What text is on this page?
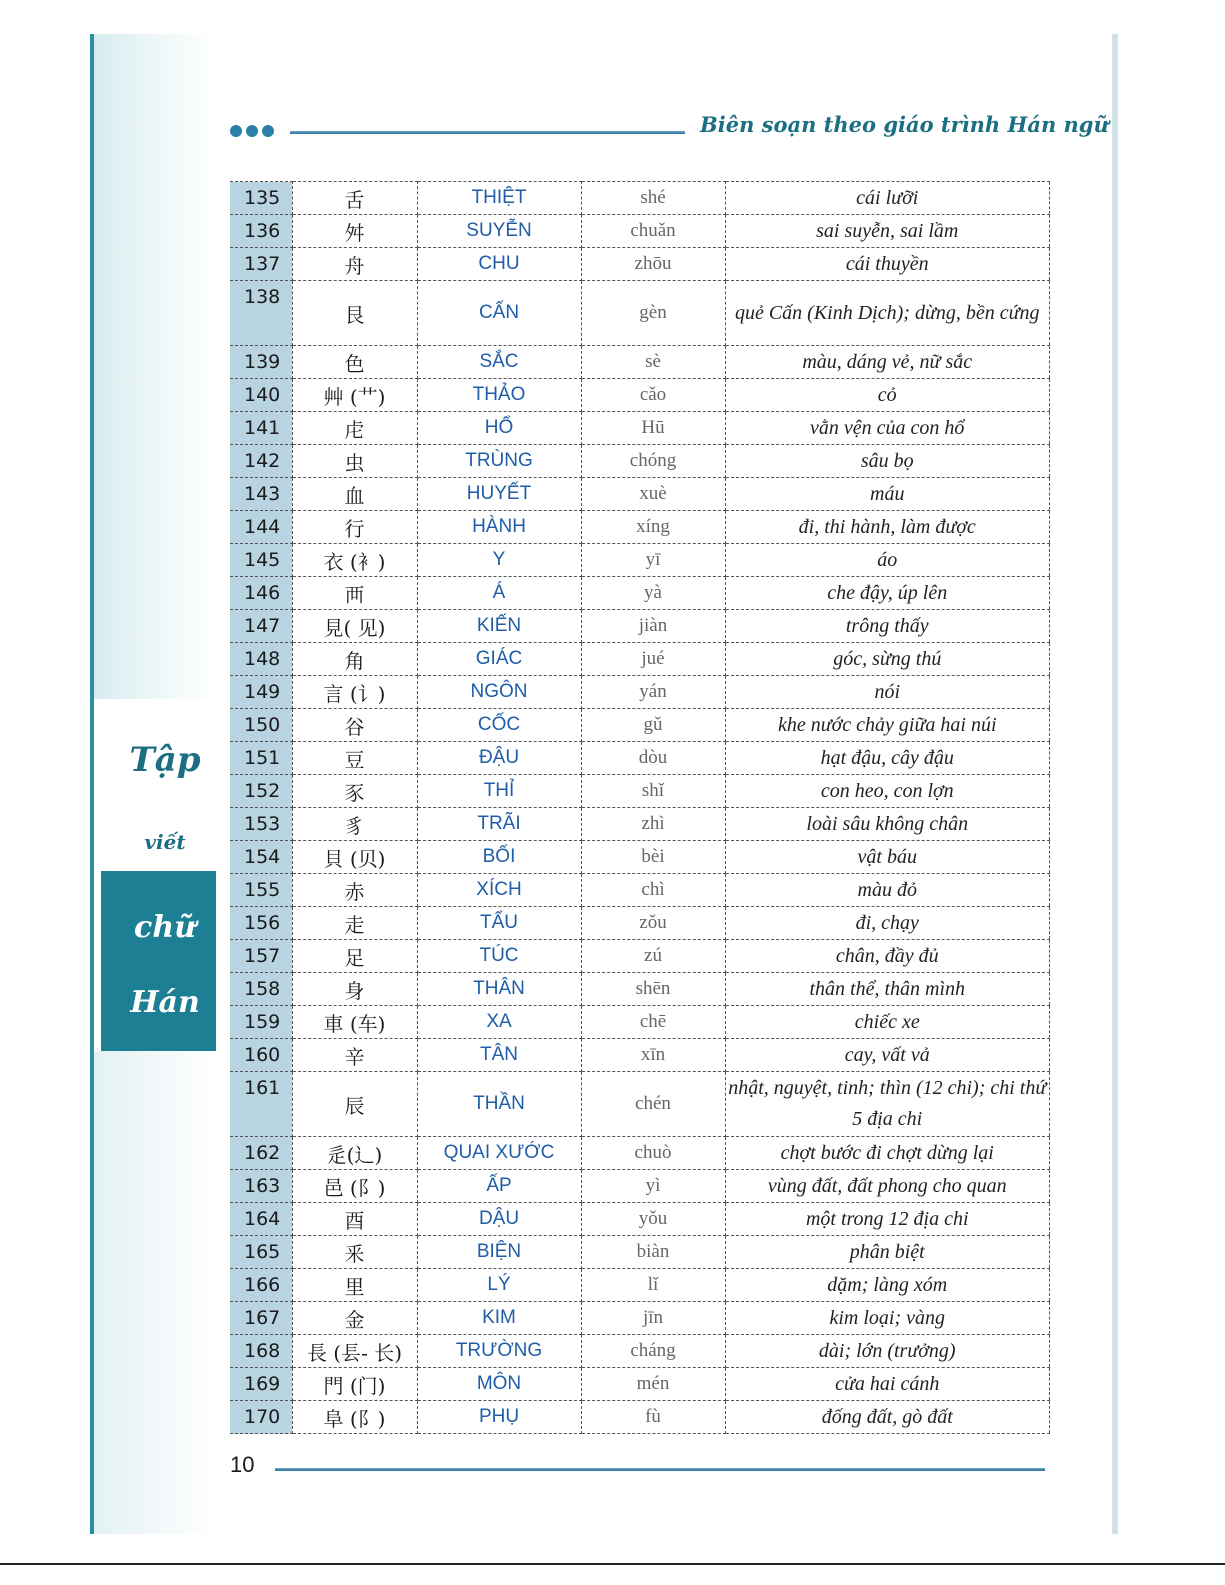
Tập
viết
chữ
Hán
Biên soạn theo giáo trình Hán ngữ
135	舌	THIỆT	shé	cái lưỡi
136	舛	SUYỄN	chuǎn	sai suyễn, sai lầm
137	舟	CHU	zhōu	cái thuyền
138	艮	CẤN	gèn	quẻ Cấn (Kinh Dịch); dừng, bền cứng
139	色	SẮC	sè	màu, dáng vẻ, nữ sắc
140	艸 (艹)	THẢO	cǎo	cỏ
141	虍	HỔ	Hū	vằn vện của con hổ
142	虫	TRÙNG	chóng	sâu bọ
143	血	HUYẾT	xuè	máu
144	行	HÀNH	xíng	đi, thi hành, làm được
145	衣 (衤)	Y	yī	áo
146	襾	Á	yà	che đậy, úp lên
147	見( 见)	KIẾN	jiàn	trông thấy
148	角	GIÁC	jué	góc, sừng thú
149	言 (讠)	NGÔN	yán	nói
150	谷	CỐC	gǔ	khe nước chảy giữa hai núi
151	豆	ĐẬU	dòu	hạt đậu, cây đậu
152	豕	THỈ	shǐ	con heo, con lợn
153	豸	TRÃI	zhì	loài sâu không chân
154	貝 (贝)	BỐI	bèi	vật báu
155	赤	XÍCH	chì	màu đỏ
156	走	TẨU	zǒu	đi, chạy
157	足	TÚC	zú	chân, đầy đủ
158	身	THÂN	shēn	thân thể, thân mình
159	車 (车)	XA	chē	chiếc xe
160	辛	TÂN	xīn	cay, vất vả
161	辰	THẦN	chén	nhật, nguyệt, tinh; thìn (12 chi); chi thứ 5 địa chi
162	辵(辶)	QUAI XƯỚC	chuò	chợt bước đi chợt dừng lại
163	邑 (阝)	ẤP	yì	vùng đất, đất phong cho quan
164	酉	DẬU	yǒu	một trong 12 địa chi
165	釆	BIỆN	biàn	phân biệt
166	里	LÝ	lǐ	dặm; làng xóm
167	金	KIM	jīn	kim loại; vàng
168	長 (镸- 长)	TRƯỜNG	cháng	dài; lớn (trưởng)
169	門 (门)	MÔN	mén	cửa hai cánh
170	阜 (阝)	PHỤ	fù	đống đất, gò đất
10
